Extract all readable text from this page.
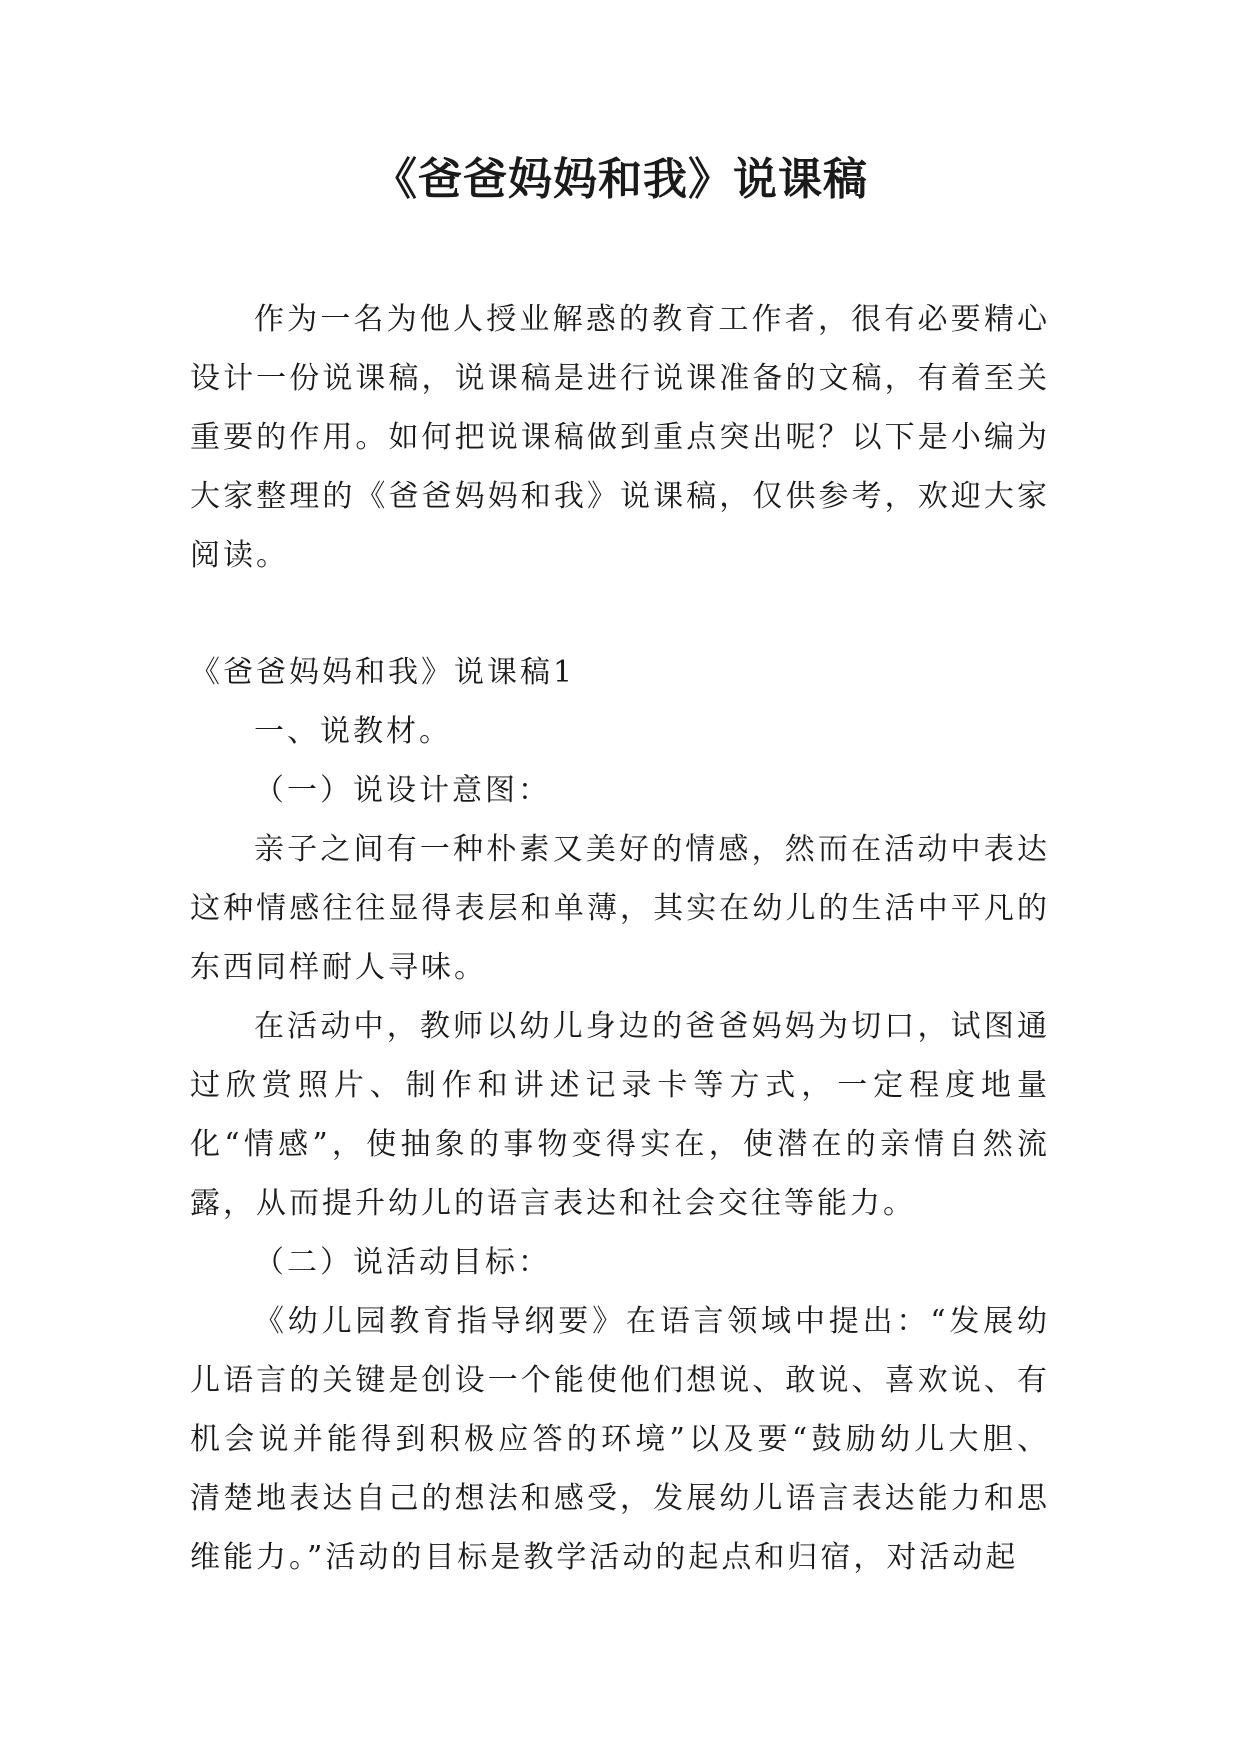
《爸爸妈妈和我》说课稿

作为一名为他人授业解惑的教育工作者，很有必要精心设计一份说课稿，说课稿是进行说课准备的文稿，有着至关重要的作用。如何把说课稿做到重点突出呢？以下是小编为大家整理的《爸爸妈妈和我》说课稿，仅供参考，欢迎大家阅读。

《爸爸妈妈和我》说课稿1

一、说教材。

（一）说设计意图：

亲子之间有一种朴素又美好的情感，然而在活动中表达这种情感往往显得表层和单薄，其实在幼儿的生活中平凡的东西同样耐人寻味。

在活动中，教师以幼儿身边的爸爸妈妈为切口，试图通过欣赏照片、制作和讲述记录卡等方式，一定程度地量化“情感”，使抽象的事物变得实在，使潜在的亲情自然流露，从而提升幼儿的语言表达和社会交往等能力。

（二）说活动目标：

《幼儿园教育指导纲要》在语言领域中提出：“发展幼儿语言的关键是创设一个能使他们想说、敢说、喜欢说、有机会说并能得到积极应答的环境”以及要“鼓励幼儿大胆、清楚地表达自己的想法和感受，发展幼儿语言表达能力和思维能力。”活动的目标是教学活动的起点和归宿，对活动起
